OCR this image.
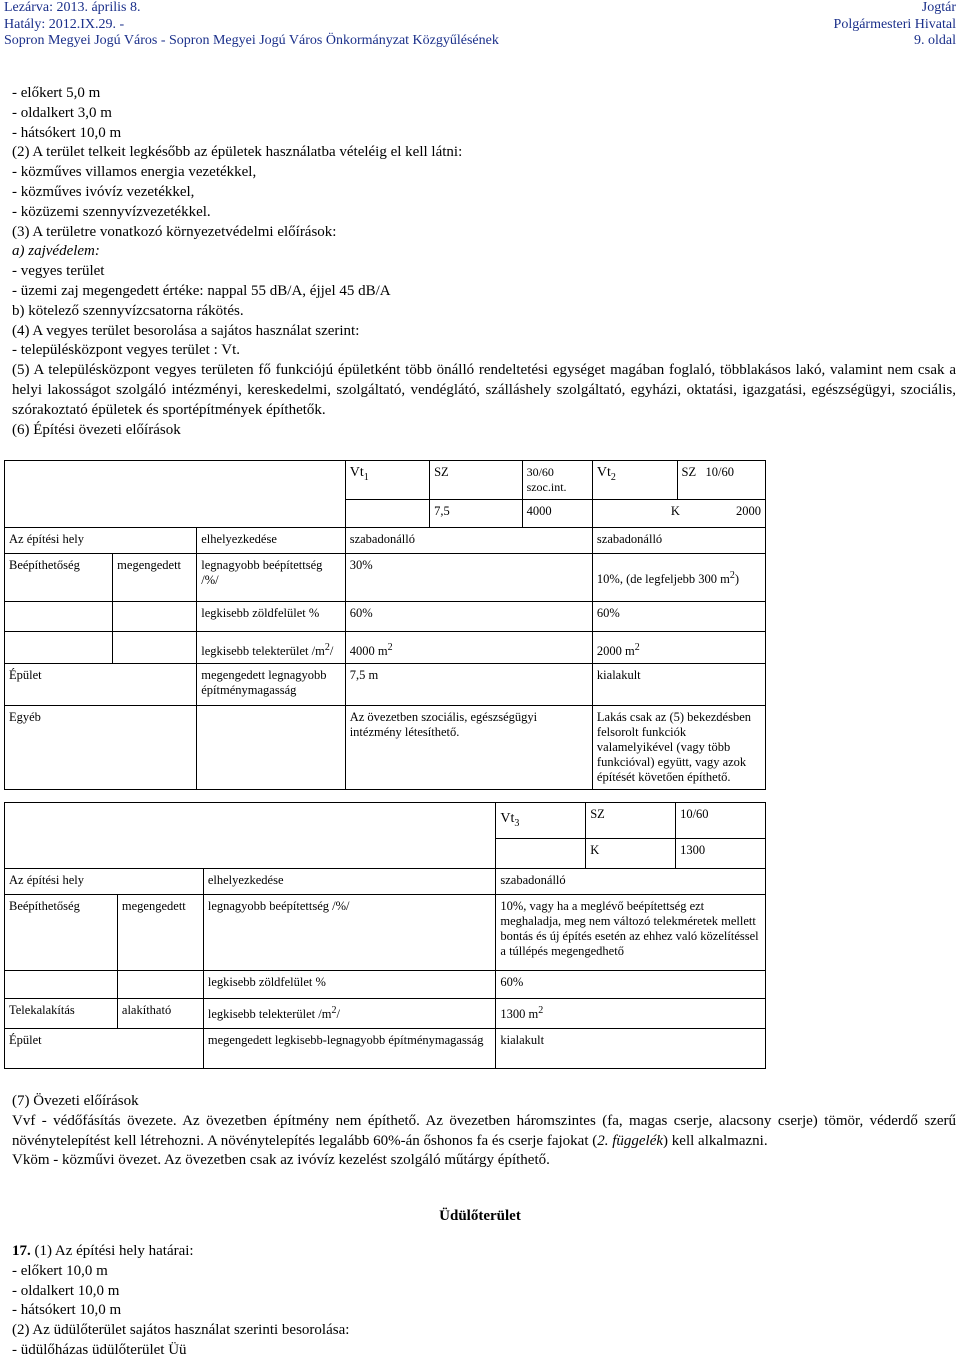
Lezárva: 2013. április 8.
Hatály: 2012.IX.29. -
Sopron Megyei Jogú Város - Sopron Megyei Jogú Város Önkormányzat Közgyűlésének
Jogtár
Polgármesteri Hivatal
9. oldal

- előkert 5,0 m

- oldalkert 3,0 m

- hátsókert 10,0 m

(2) A terület telkeit legkésőbb az épületek használatba vételéig el kell látni:

- közműves villamos energia vezetékkel,

- közműves ivóvíz vezetékkel,

- közüzemi szennyvízvezetékkel.

(3) A területre vonatkozó környezetvédelmi előírások:

a) zajvédelem:

- vegyes terület

- üzemi zaj megengedett értéke: nappal 55 dB/A, éjjel 45 dB/A

b) kötelező szennyvízcsatorna rákötés.

(4) A vegyes terület besorolása a sajátos használat szerint:

- településközpont vegyes terület : Vt.

(5) A településközpont vegyes területen fő funkciójú épületként több önálló rendeltetési egységet magában foglaló, többlakásos lakó, valamint nem csak a helyi lakosságot szolgáló intézményi, kereskedelmi, szolgáltató, vendéglátó, szálláshely szolgáltató, egyházi, oktatási, igazgatási, egészségügyi, szociális, szórakoztató épületek és sportépítmények építhetők.

(6) Építési övezeti előírások

			$Vt_1$	SZ	30/60 szoc.int.	$Vt_2$	SZ 10/60
				7,5	4000	K 2000	
Az építési hely		elhelyezkedése	szabadonálló			szabadonálló	
Beépíthetőség	megengedett	legnagyobb beépítettség /%/	30%			10%, (de legfeljebb 300 $m^2$)	
		legkisebb zöldfelület %	60%			60%	
		legkisebb telekterület $/m^2/$	4000 $m^2$			2000 $m^2$
Épület		megengedett legnagyobb építménymagasság	7,5 m			kialakult	
Egyéb			Az övezetben szociális, egészségügyi intézmény létesíthető.			Lakás csak az (5) bekezdésben felsorolt funkciók valamelyikével (vagy több funkcióval) együtt, vagy azok építését követően építhető.	
			$Vt_3$	SZ	10/60
				K	1300
Az építési hely		elhelyezkedése	szabadonálló		
Beépíthetőség	megengedett	legnagyobb beépítettség /%/	10%, vagy ha a meglévő beépítettség ezt meghaladja, meg nem változó telekméretek mellett bontás és új építés esetén az ehhez való közelítéssel a túllépés megengedhető		
		legkisebb zöldfelület %	60%		
Telekalakítás	alakítható	legkisebb telekterület $/m^2/$	1300 $m^2$
Épület		megengedett legkisebb-legnagyobb építménymagasság	kialakult		

(7) Övezeti előírások

Vvf - védőfásítás övezete. Az övezetben építmény nem építhető. Az övezetben háromszintes (fa, magas cserje, alacsony cserje) tömör, véderdő szerű növénytelepítést kell létrehozni. A növénytelepítés legalább 60%-án őshonos fa és cserje fajokat (2. függelék) kell alkalmazni.

Vköm - közművi övezet. Az övezetben csak az ivóvíz kezelést szolgáló műtárgy építhető.

Üdülőterület

17. (1) Az építési hely határai:

- előkert 10,0 m

- oldalkert 10,0 m

- hátsókert 10,0 m

(2) Az üdülőterület sajátos használat szerinti besorolása:

- üdülőházas üdülőterület Üü
